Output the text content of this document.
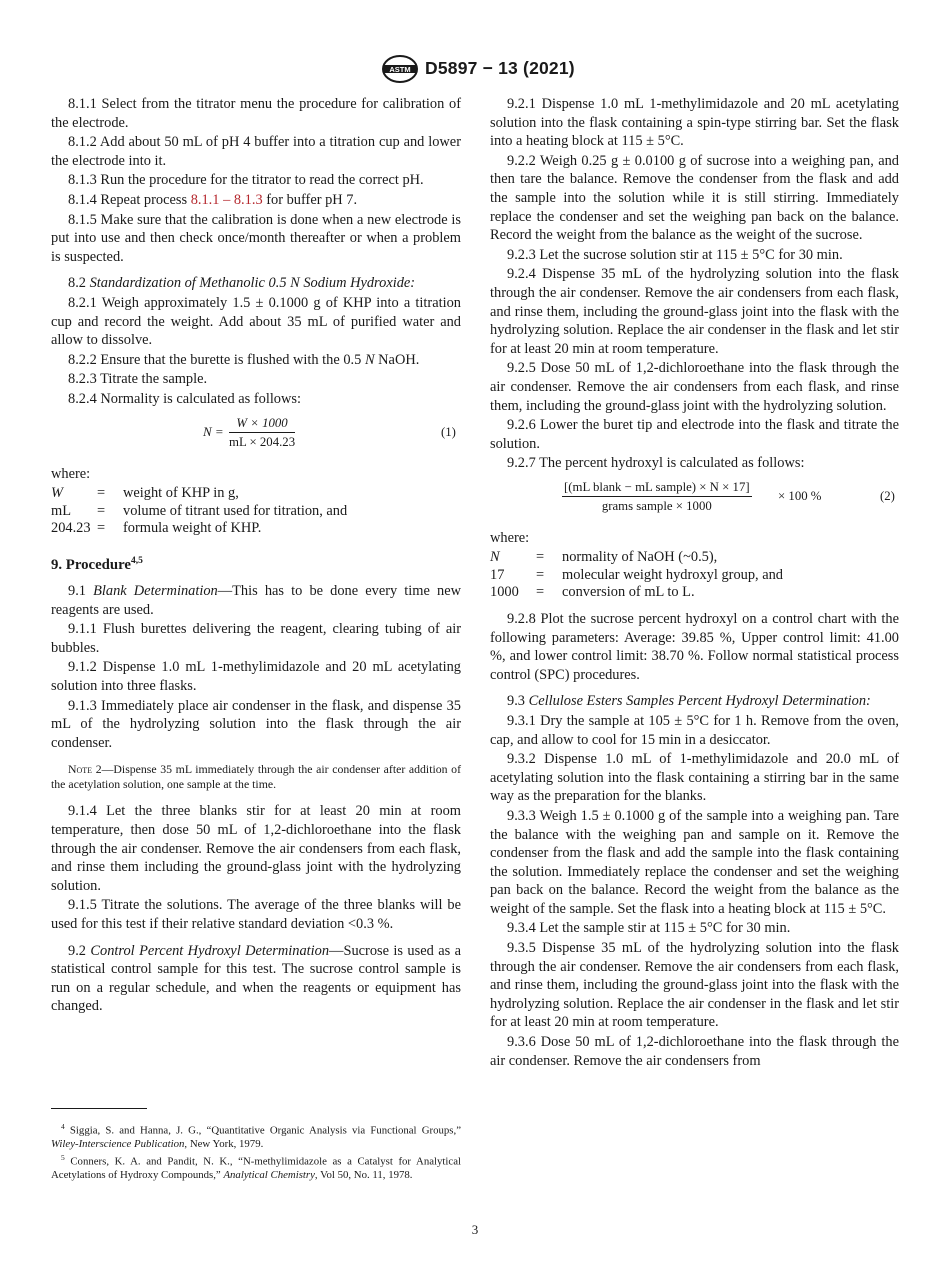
ASTM D5897 − 13 (2021)

8.1.1 Select from the titrator menu the procedure for calibration of the electrode.

8.1.2 Add about 50 mL of pH 4 buffer into a titration cup and lower the electrode into it.

8.1.3 Run the procedure for the titrator to read the correct pH.

8.1.4 Repeat process 8.1.1 – 8.1.3 for buffer pH 7.

8.1.5 Make sure that the calibration is done when a new electrode is put into use and then check once/month thereafter or when a problem is suspected.

8.2 Standardization of Methanolic 0.5 N Sodium Hydroxide:

8.2.1 Weigh approximately 1.5 ± 0.1000 g of KHP into a titration cup and record the weight. Add about 35 mL of purified water and allow to dissolve.

8.2.2 Ensure that the burette is flushed with the 0.5 N NaOH.

8.2.3 Titrate the sample.

8.2.4 Normality is calculated as follows:

$N = \frac{W \times 1000}{mL \times 204.23}$	(1)

where:

W	=	weight of KHP in g,
mL	=	volume of titrant used for titration, and
204.23	=	formula weight of KHP.

9. Procedure$^{4,5}$

9.1 Blank Determination—This has to be done every time new reagents are used.

9.1.1 Flush burettes delivering the reagent, clearing tubing of air bubbles.

9.1.2 Dispense 1.0 mL 1-methylimidazole and 20 mL acetylating solution into three flasks.

9.1.3 Immediately place air condenser in the flask, and dispense 35 mL of the hydrolyzing solution into the flask through the air condenser.

Note 2—Dispense 35 mL immediately through the air condenser after addition of the acetylation solution, one sample at the time.

9.1.4 Let the three blanks stir for at least 20 min at room temperature, then dose 50 mL of 1,2-dichloroethane into the flask through the air condenser. Remove the air condensers from each flask, and rinse them including the ground-glass joint with the hydrolyzing solution.

9.1.5 Titrate the solutions. The average of the three blanks will be used for this test if their relative standard deviation <0.3 %.

9.2 Control Percent Hydroxyl Determination—Sucrose is used as a statistical control sample for this test. The sucrose control sample is run on a regular schedule, and when the reagents or equipment has changed.

$^4$ Siggia, S. and Hanna, J. G., “Quantitative Organic Analysis via Functional Groups,” Wiley-Interscience Publication, New York, 1979.

$^5$ Conners, K. A. and Pandit, N. K., “N-methylimidazole as a Catalyst for Analytical Acetylations of Hydroxy Compounds,” Analytical Chemistry, Vol 50, No. 11, 1978.

9.2.1 Dispense 1.0 mL 1-methylimidazole and 20 mL acetylating solution into the flask containing a spin-type stirring bar. Set the flask into a heating block at 115 ± 5°C.

9.2.2 Weigh 0.25 g ± 0.0100 g of sucrose into a weighing pan, and then tare the balance. Remove the condenser from the flask and add the sample into the solution while it is still stirring. Immediately replace the condenser and set the weighing pan back on the balance. Record the weight from the balance as the weight of the sucrose.

9.2.3 Let the sucrose solution stir at 115 ± 5°C for 30 min.

9.2.4 Dispense 35 mL of the hydrolyzing solution into the flask through the air condenser. Remove the air condensers from each flask, and rinse them, including the ground-glass joint into the flask with the hydrolyzing solution. Replace the air condenser in the flask and let stir for at least 20 min at room temperature.

9.2.5 Dose 50 mL of 1,2-dichloroethane into the flask through the air condenser. Remove the air condensers from each flask, and rinse them, including the ground-glass joint with the hydrolyzing solution.

9.2.6 Lower the buret tip and electrode into the flask and titrate the solution.

9.2.7 The percent hydroxyl is calculated as follows:

[(mL blank − mL sample) × N × 17]
grams sample × 1000
× 100 %	(2)

where:

N	=	normality of NaOH (~0.5),
17	=	molecular weight hydroxyl group, and
1000	=	conversion of mL to L.

9.2.8 Plot the sucrose percent hydroxyl on a control chart with the following parameters: Average: 39.85 %, Upper control limit: 41.00 %, and lower control limit: 38.70 %. Follow normal statistical process control (SPC) procedures.

9.3 Cellulose Esters Samples Percent Hydroxyl Determination:

9.3.1 Dry the sample at 105 ± 5°C for 1 h. Remove from the oven, cap, and allow to cool for 15 min in a desiccator.

9.3.2 Dispense 1.0 mL of 1-methylimidazole and 20.0 mL of acetylating solution into the flask containing a stirring bar in the same way as the preparation for the blanks.

9.3.3 Weigh 1.5 ± 0.1000 g of the sample into a weighing pan. Tare the balance with the weighing pan and sample on it. Remove the condenser from the flask and add the sample into the flask containing the solution. Immediately replace the condenser and set the weighing pan back on the balance. Record the weight from the balance as the weight of the sample. Set the flask into a heating block at 115 ± 5°C.

9.3.4 Let the sample stir at 115 ± 5°C for 30 min.

9.3.5 Dispense 35 mL of the hydrolyzing solution into the flask through the air condenser. Remove the air condensers from each flask, and rinse them, including the ground-glass joint into the flask with the hydrolyzing solution. Replace the air condenser in the flask and let stir for at least 20 min at room temperature.

9.3.6 Dose 50 mL of 1,2-dichloroethane into the flask through the air condenser. Remove the air condensers from

3
